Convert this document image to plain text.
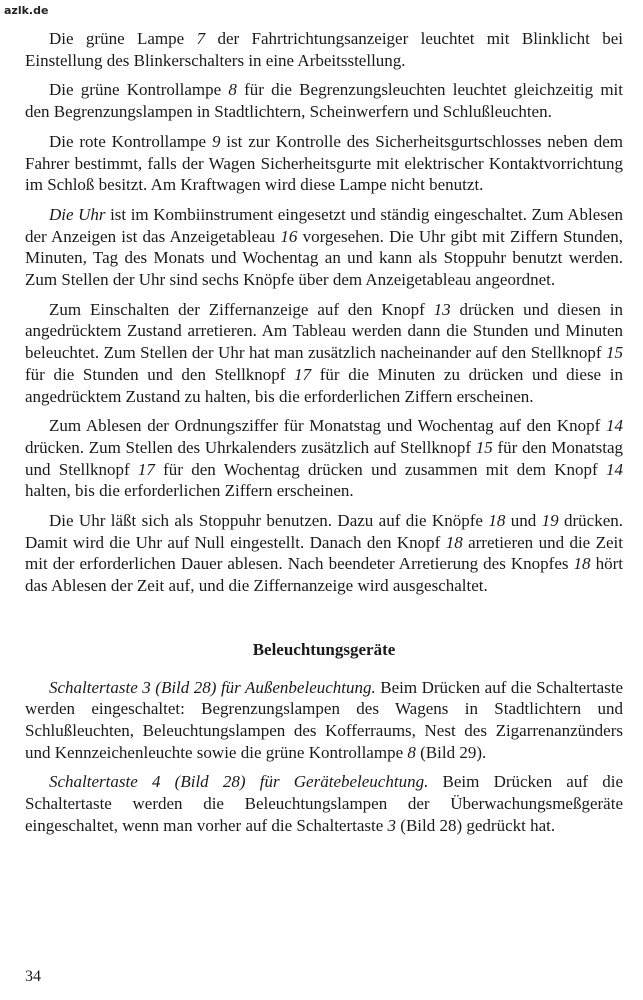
azlk.de

Die grüne Lampe 7 der Fahrtrichtungsanzeiger leuchtet mit Blinklicht bei Einstellung des Blinkerschalters in eine Arbeitsstellung.

Die grüne Kontrollampe 8 für die Begrenzungsleuchten leuchtet gleichzeitig mit den Begrenzungslampen in Stadtlichtern, Scheinwerfern und Schlußleuchten.

Die rote Kontrollampe 9 ist zur Kontrolle des Sicherheitsgurtschlosses neben dem Fahrer bestimmt, falls der Wagen Sicherheitsgurte mit elektrischer Kontaktvorrichtung im Schloß besitzt. Am Kraftwagen wird diese Lampe nicht benutzt.

Die Uhr ist im Kombiinstrument eingesetzt und ständig eingeschaltet. Zum Ablesen der Anzeigen ist das Anzeigetableau 16 vorgesehen. Die Uhr gibt mit Ziffern Stunden, Minuten, Tag des Monats und Wochentag an und kann als Stoppuhr benutzt werden. Zum Stellen der Uhr sind sechs Knöpfe über dem Anzeigetableau angeordnet.

Zum Einschalten der Ziffernanzeige auf den Knopf 13 drücken und diesen in angedrücktem Zustand arretieren. Am Tableau werden dann die Stunden und Minuten beleuchtet. Zum Stellen der Uhr hat man zusätzlich nacheinander auf den Stellknopf 15 für die Stunden und den Stellknopf 17 für die Minuten zu drücken und diese in angedrücktem Zustand zu halten, bis die erforderlichen Ziffern erscheinen.

Zum Ablesen der Ordnungsziffer für Monatstag und Wochentag auf den Knopf 14 drücken. Zum Stellen des Uhrkalenders zusätzlich auf Stellknopf 15 für den Monatstag und Stellknopf 17 für den Wochentag drücken und zusammen mit dem Knopf 14 halten, bis die erforderlichen Ziffern erscheinen.

Die Uhr läßt sich als Stoppuhr benutzen. Dazu auf die Knöpfe 18 und 19 drücken. Damit wird die Uhr auf Null eingestellt. Danach den Knopf 18 arretieren und die Zeit mit der erforderlichen Dauer ablesen. Nach beendeter Arretierung des Knopfes 18 hört das Ablesen der Zeit auf, und die Ziffernanzeige wird ausgeschaltet.

Beleuchtungsgeräte

Schaltertaste 3 (Bild 28) für Außenbeleuchtung. Beim Drücken auf die Schaltertaste werden eingeschaltet: Begrenzungslampen des Wagens in Stadtlichtern und Schlußleuchten, Beleuchtungslampen des Kofferraums, Nest des Zigarrenanzünders und Kennzeichenleuchte sowie die grüne Kontrollampe 8 (Bild 29).

Schaltertaste 4 (Bild 28) für Gerätebeleuchtung. Beim Drücken auf die Schaltertaste werden die Beleuchtungslampen der Überwachungsmeßgeräte eingeschaltet, wenn man vorher auf die Schaltertaste 3 (Bild 28) gedrückt hat.

34
